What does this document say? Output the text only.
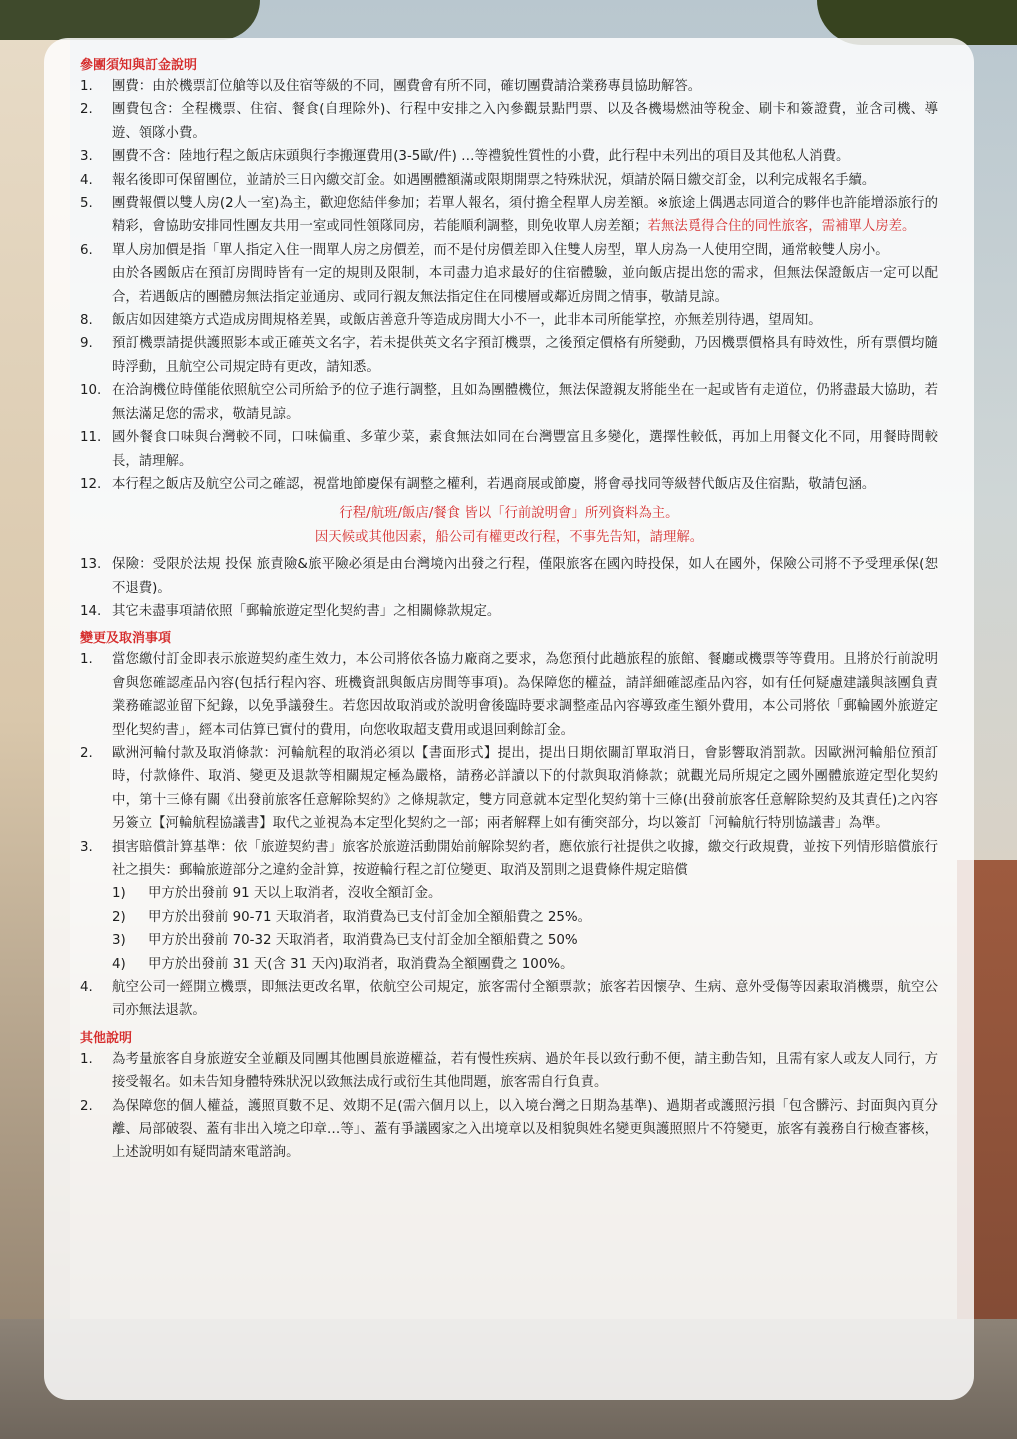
參團須知與訂金說明
1.	團費：由於機票訂位艙等以及住宿等級的不同，團費會有所不同，確切團費請洽業務專員協助解答。
2.	團費包含：全程機票、住宿、餐食(自理除外)、行程中安排之入內參觀景點門票、以及各機場燃油等稅金、刷卡和簽證費，並含司機、導遊、領隊小費。
3.	團費不含：陸地行程之飯店床頭與行李搬運費用(3-5歐/件) …等禮貌性質性的小費，此行程中未列出的項目及其他私人消費。
4.	報名後即可保留團位，並請於三日內繳交訂金。如遇團體額滿或限期開票之特殊狀況，煩請於隔日繳交訂金，以利完成報名手續。
5.	團費報價以雙人房(2人一室)為主，歡迎您結伴參加；若單人報名，須付擔全程單人房差額。※旅途上偶遇志同道合的夥伴也許能增添旅行的精彩，會協助安排同性團友共用一室或同性領隊同房，若能順利調整，則免收單人房差額；若無法覓得合住的同性旅客，需補單人房差。
6.	單人房加價是指「單人指定入住一間單人房之房價差，而不是付房價差即入住雙人房型，單人房為一人使用空間，通常較雙人房小。
由於各國飯店在預訂房間時皆有一定的規則及限制，本司盡力追求最好的住宿體驗，並向飯店提出您的需求，但無法保證飯店一定可以配合，若遇飯店的團體房無法指定並通房、或同行親友無法指定住在同樓層或鄰近房間之情事，敬請見諒。
8.	飯店如因建築方式造成房間規格差異，或飯店善意升等造成房間大小不一，此非本司所能掌控，亦無差別待遇，望周知。
9.	預訂機票請提供護照影本或正確英文名字，若未提供英文名字預訂機票，之後預定價格有所變動，乃因機票價格具有時效性，所有票價均隨時浮動，且航空公司規定時有更改，請知悉。
10. 在洽詢機位時僅能依照航空公司所給予的位子進行調整，且如為團體機位，無法保證親友將能坐在一起或皆有走道位，仍將盡最大協助，若無法滿足您的需求，敬請見諒。
11. 國外餐食口味與台灣較不同，口味偏重、多葷少菜，素食無法如同在台灣豐富且多變化，選擇性較低，再加上用餐文化不同，用餐時間較長，請理解。
12. 本行程之飯店及航空公司之確認，視當地節慶保有調整之權利，若遇商展或節慶，將會尋找同等級替代飯店及住宿點，敬請包涵。
行程/航班/飯店/餐食 皆以「行前說明會」所列資料為主。
因天候或其他因素，船公司有權更改行程，不事先告知，請理解。
13. 保險：受限於法規 投保 旅責險&旅平險必須是由台灣境內出發之行程，僅限旅客在國內時投保，如人在國外，保險公司將不予受理承保(恕不退費)。
14. 其它未盡事項請依照「郵輪旅遊定型化契約書」之相關條款規定。
變更及取消事項
1.	當您繳付訂金即表示旅遊契約產生效力，本公司將依各協力廠商之要求，為您預付此趟旅程的旅館、餐廳或機票等等費用。且將於行前說明會與您確認產品內容(包括行程內容、班機資訊與飯店房間等事項)。為保障您的權益，請詳細確認產品內容，如有任何疑慮建議與該團負責業務確認並留下紀錄，以免爭議發生。若您因故取消或於說明會後臨時要求調整產品內容導致產生額外費用，本公司將依「郵輪國外旅遊定型化契約書」，經本司估算已實付的費用，向您收取超支費用或退回剩餘訂金。
2.	歐洲河輪付款及取消條款：河輪航程的取消必須以【書面形式】提出，提出日期依關訂單取消日，會影響取消罰款。因歐洲河輪船位預訂時，付款條件、取消、變更及退款等相關規定極為嚴格，請務必詳讀以下的付款與取消條款；就觀光局所規定之國外團體旅遊定型化契約中，第十三條有關《出發前旅客任意解除契約》之條規款定，雙方同意就本定型化契約第十三條(出發前旅客任意解除契約及其責任)之內容另簽立【河輪航程協議書】取代之並視為本定型化契約之一部；兩者解釋上如有衝突部分，均以簽訂「河輪航行特別協議書」為準。
3.	損害賠償計算基準：依「旅遊契約書」旅客於旅遊活動開始前解除契約者，應依旅行社提供之收據，繳交行政規費，並按下列情形賠償旅行社之損失：郵輪旅遊部分之違約金計算，按遊輪行程之訂位變更、取消及罰則之退費條件規定賠償
1) 甲方於出發前 91 天以上取消者，沒收全額訂金。
2) 甲方於出發前 90-71 天取消者，取消費為已支付訂金加全額船費之 25%。
3) 甲方於出發前 70-32 天取消者，取消費為已支付訂金加全額船費之 50%
4) 甲方於出發前 31 天(含 31 天內)取消者，取消費為全額團費之 100%。
4.	航空公司一經開立機票，即無法更改名單，依航空公司規定，旅客需付全額票款；旅客若因懷孕、生病、意外受傷等因素取消機票，航空公司亦無法退款。
其他說明
1.	為考量旅客自身旅遊安全並顧及同團其他團員旅遊權益，若有慢性疾病、過於年長以致行動不便，請主動告知，且需有家人或友人同行，方接受報名。如未告知身體特殊狀況以致無法成行或衍生其他問題，旅客需自行負責。
2.	為保障您的個人權益，護照頁數不足、效期不足(需六個月以上，以入境台灣之日期為基準)、過期者或護照污損「包含髒污、封面與內頁分離、局部破裂、蓋有非出入境之印章…等」、蓋有爭議國家之入出境章以及相貌與姓名變更與護照照片不符變更，旅客有義務自行檢查審核，上述說明如有疑問請來電諮詢。
